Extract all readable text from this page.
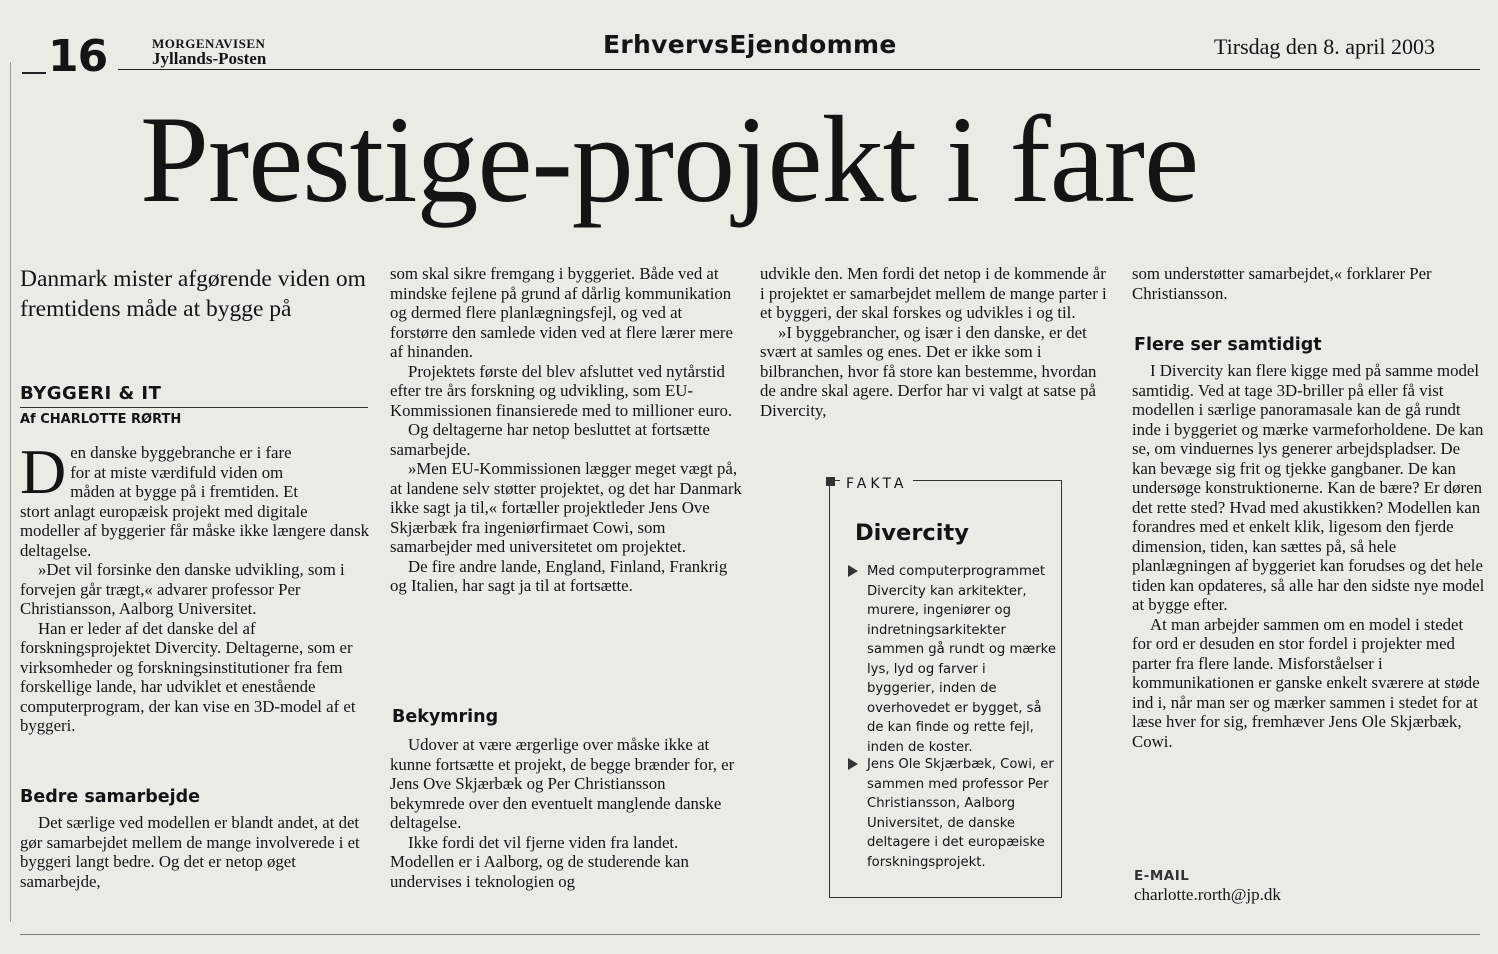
16	MORGENAVISEN
Jyllands-Posten	ErhvervsEjendomme	Tirsdag den 8. april 2003
Prestige-projekt i fare
Danmark mister afgørende viden om fremtidens måde at bygge på
BYGGERI & IT
Af CHARLOTTE RØRTH

D en danske byggebranche er i fare
for at miste værdifuld viden om
måden at bygge på i fremtiden. Et
stort anlagt europæisk projekt med digitale modeller af byggerier får måske ikke længere dansk deltagelse.

»Det vil forsinke den danske udvikling, som i forvejen går trægt,« advarer professor Per Christiansson, Aalborg Universitet.

Han er leder af det danske del af forskningsprojektet Divercity. Deltagerne, som er virksomheder og forskningsinstitutioner fra fem forskellige lande, har udviklet et enestående computerprogram, der kan vise en 3D-model af et byggeri.

Bedre samarbejde

Det særlige ved modellen er blandt andet, at det gør samarbejdet mellem de mange involverede i et byggeri langt bedre. Og det er netop øget samarbejde,

som skal sikre fremgang i byggeriet. Både ved at mindske fejlene på grund af dårlig kommunikation og dermed flere planlægningsfejl, og ved at forstørre den samlede viden ved at flere lærer mere af hinanden.

Projektets første del blev afsluttet ved nytårstid efter tre års forskning og udvikling, som EU-Kommissionen finansierede med to millioner euro.

Og deltagerne har netop besluttet at fortsætte samarbejde.

»Men EU-Kommissionen lægger meget vægt på, at landene selv støtter projektet, og det har Danmark ikke sagt ja til,« fortæller projektleder Jens Ove Skjærbæk fra ingeniørfirmaet Cowi, som samarbejder med universitetet om projektet.

De fire andre lande, England, Finland, Frankrig og Italien, har sagt ja til at fortsætte.

Bekymring

Udover at være ærgerlige over måske ikke at kunne fortsætte et projekt, de begge brænder for, er Jens Ove Skjærbæk og Per Christiansson bekymrede over den eventuelt manglende danske deltagelse.

Ikke fordi det vil fjerne viden fra landet. Modellen er i Aalborg, og de studerende kan undervises i teknologien og

udvikle den. Men fordi det netop i de kommende år i projektet er samarbejdet mellem de mange parter i et byggeri, der skal forskes og udvikles i og til.

»I byggebrancher, og især i den danske, er det svært at samles og enes. Det er ikke som i bilbranchen, hvor få store kan bestemme, hvordan de andre skal agere. Derfor har vi valgt at satse på Divercity,

FAKTA
Divercity
Med computerprogrammet Divercity kan arkitekter, murere, ingeniører og indretningsarkitekter sammen gå rundt og mærke lys, lyd og farver i byggerier, inden de overhovedet er bygget, så de kan finde og rette fejl, inden de koster.
Jens Ole Skjærbæk, Cowi, er sammen med professor Per Christiansson, Aalborg Universitet, de danske deltagere i det europæiske forskningsprojekt.

som understøtter samarbejdet,« forklarer Per Christiansson.

Flere ser samtidigt

I Divercity kan flere kigge med på samme model samtidig. Ved at tage 3D-briller på eller få vist modellen i særlige panoramasale kan de gå rundt inde i byggeriet og mærke varmeforholdene. De kan se, om vinduernes lys generer arbejdspladser. De kan bevæge sig frit og tjekke gangbaner. De kan undersøge konstruktionerne. Kan de bære? Er døren det rette sted? Hvad med akustikken? Modellen kan forandres med et enkelt klik, ligesom den fjerde dimension, tiden, kan sættes på, så hele planlægningen af byggeriet kan forudses og det hele tiden kan opdateres, så alle har den sidste nye model at bygge efter.

At man arbejder sammen om en model i stedet for ord er desuden en stor fordel i projekter med parter fra flere lande. Misforståelser i kommunikationen er ganske enkelt sværere at støde ind i, når man ser og mærker sammen i stedet for at læse hver for sig, fremhæver Jens Ole Skjærbæk, Cowi.

E-MAIL
charlotte.rorth@jp.dk
